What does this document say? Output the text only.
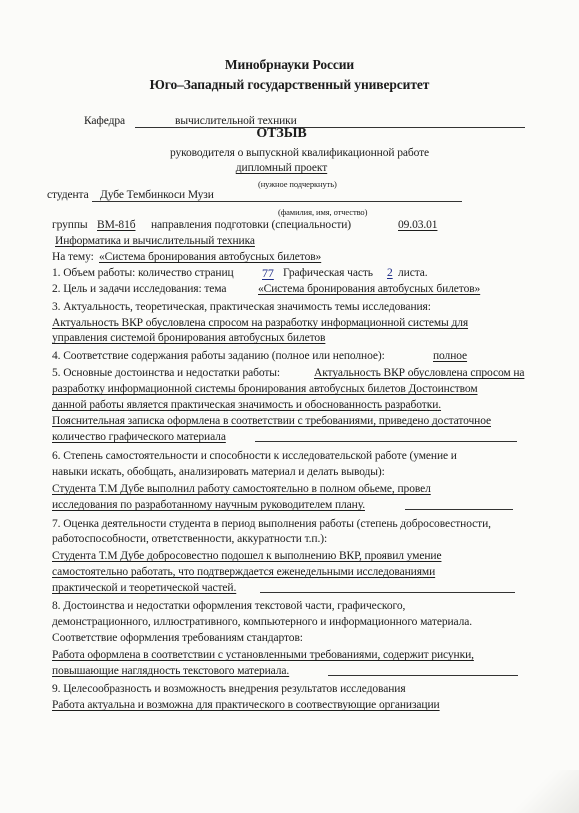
Минобрнауки России
Юго–Западный государственный университет
Кафедра	вычислительной техники
ОТЗЫВ
руководителя о выпускной квалификационной работе
дипломный проект
(нужное подчеркнуть)
студента Дубе Тембинкоси Музи
(фамилия, имя, отчество)
группы ВМ-81б направления подготовки (специальности)	09.03.01
Информатика и вычислительный техника
На тему: «Система бронирования автобусных билетов»
1. Объем работы: количество страниц 77 Графическая часть 2 листа.
2. Цель и задачи исследования: тема	«Система бронирования автобусных билетов»
3. Актуальность, теоретическая, практическая значимость темы исследования:
Актуальность ВКР обусловлена спросом на разработку информационной системы для
управления системой бронирования автобусных билетов
4. Соответствие содержания работы заданию (полное или неполное):	полное
5. Основные достоинства и недостатки работы:	Актуальность ВКР обусловлена спросом на
разработку информационной системы бронирования автобусных билетов Достоинством
данной работы является практическая значимость и обоснованность разработки.
Пояснительная записка оформлена в соответствии с требованиями, приведено достаточное
количество графического материала
6. Степень самостоятельности и способности к исследовательской работе (умение и
навыки искать, обобщать, анализировать материал и делать выводы):
Студента Т.М Дубе выполнил работу самостоятельно в полном обьеме, провел
исследования по разработанному научным руководителем плану.
7. Оценка деятельности студента в период выполнения работы (степень добросовестности,
работоспособности, ответственности, аккуратности т.п.):
Студента Т.М Дубе добросовестно подошел к выполнению ВКР, проявил умение
самостоятельно работать, что подтверждается еженедельными исследованиями
практической и теоретической частей.
8. Достоинства и недостатки оформления текстовой части, графического,
демонстрационного, иллюстративного, компьютерного и информационного материала.
Соответствие оформления требованиям стандартов:
Работа оформлена в соответствии с установленными требованиями, содержит рисунки,
повышающие наглядность текстового материала.
9. Целесообразность и возможность внедрения результатов исследования
Работа актуальна и возможна для практического в соотвествующие организации
